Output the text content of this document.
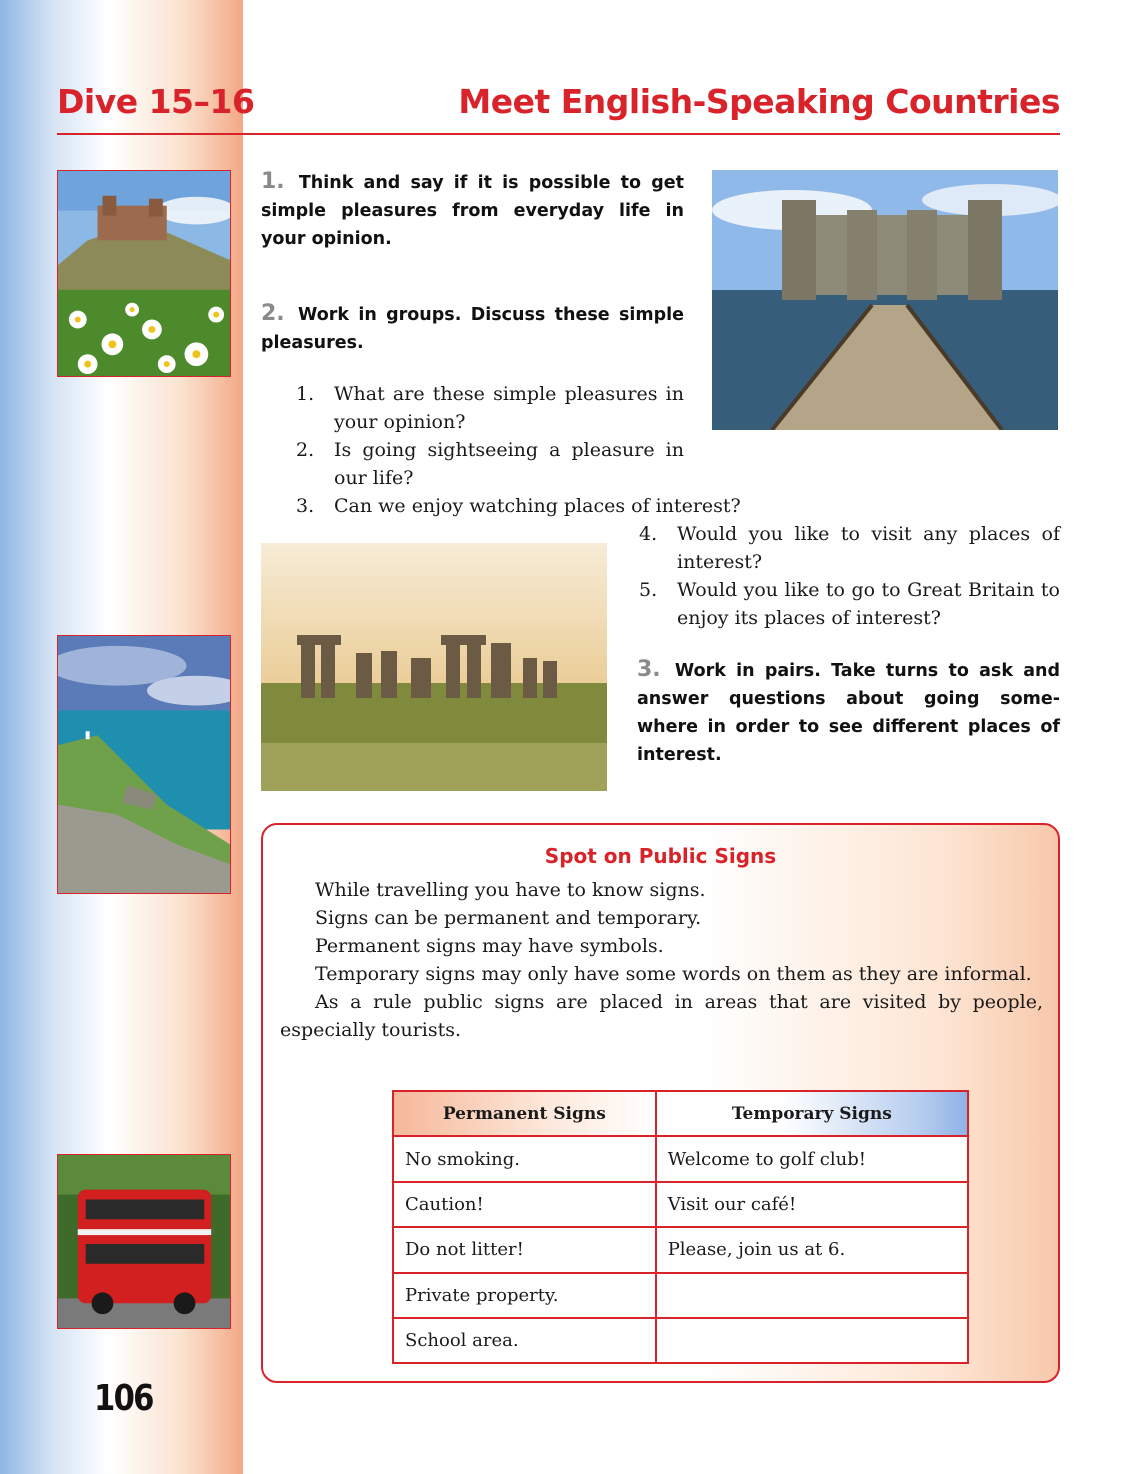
Dive 15–16	Meet English-Speaking Countries
1. Think and say if it is possible to get simple pleasures from everyday life in your opinion.
2. Work in groups. Discuss these simple pleasures.
1.	What are these simple pleasures in your opinion?
2.	Is going sightseeing a pleasure in our life?
3.	Can we enjoy watching places of interest?
4.	Would you like to visit any places of interest?
5.	Would you like to go to Great Britain to enjoy its places of interest?
3. Work in pairs. Take turns to ask and answer questions about going some-where in order to see different places of interest.
Spot on Public Signs

While travelling you have to know signs.

Signs can be permanent and temporary.

Permanent signs may have symbols.

Temporary signs may only have some words on them as they are informal.

As a rule public signs are placed in areas that are visited by people, especially tourists.

Permanent Signs	Temporary Signs
No smoking.	Welcome to golf club!
Caution!	Visit our café!
Do not litter!	Please, join us at 6.
Private property.	
School area.	
106
